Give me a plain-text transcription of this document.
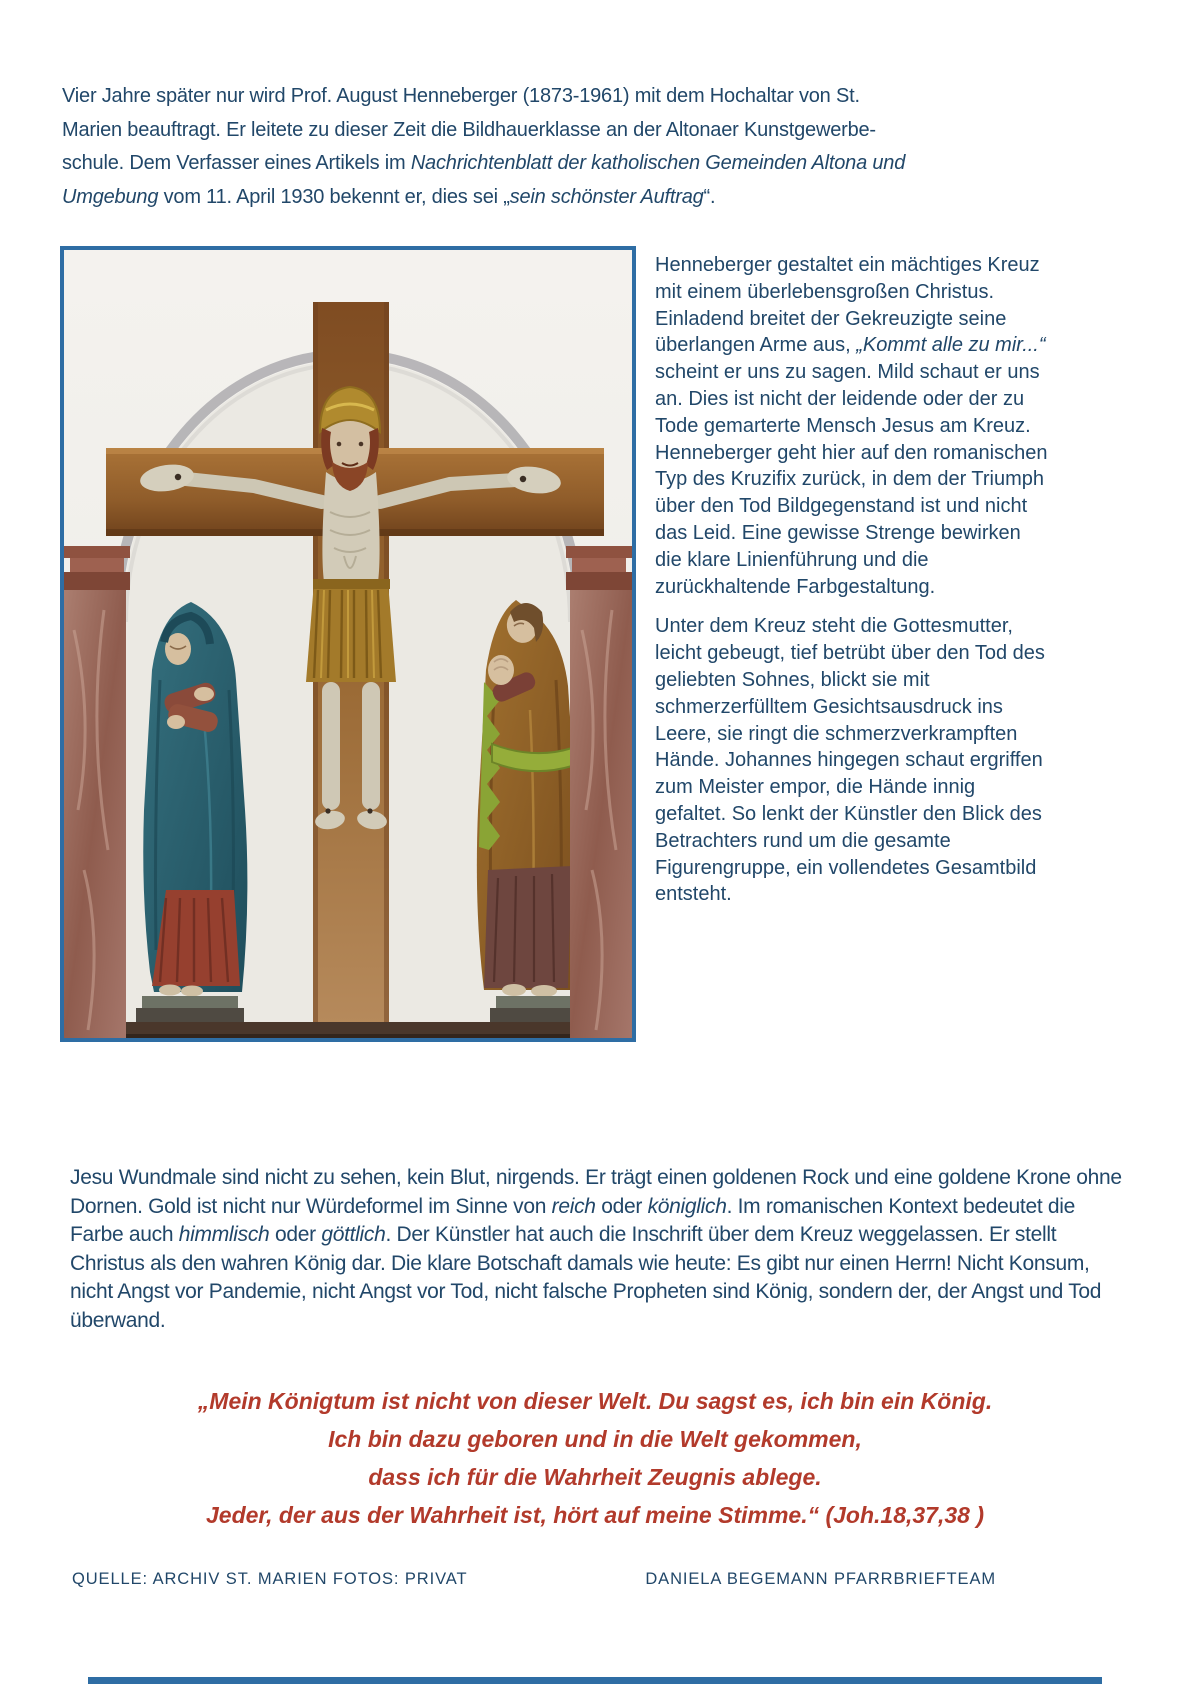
Vier Jahre später nur wird Prof. August Henneberger (1873-1961) mit dem Hochaltar von St.
Marien beauftragt. Er leitete zu dieser Zeit die Bildhauerklasse an der Altonaer Kunstgewerbe-
schule. Dem Verfasser eines Artikels im Nachrichtenblatt der katholischen Gemeinden Altona und
Umgebung vom 11. April 1930 bekennt er, dies sei „sein schönster Auftrag“.

Henneberger gestaltet ein mächtiges Kreuz mit einem überlebensgroßen Christus. Einladend breitet der Gekreuzigte seine überlangen Arme aus, „Kommt alle zu mir...“ scheint er uns zu sagen. Mild schaut er uns an. Dies ist nicht der leidende oder der zu Tode gemarterte Mensch Jesus am Kreuz. Henneberger geht hier auf den romanischen Typ des Kruzifix zurück, in dem der Triumph über den Tod Bildgegenstand ist und nicht das Leid. Eine gewisse Strenge bewirken die klare Linienführung und die zurückhaltende Farbgestaltung.

Unter dem Kreuz steht die Gottesmutter, leicht gebeugt, tief betrübt über den Tod des geliebten Sohnes, blickt sie mit schmerzerfülltem Gesichtsausdruck ins Leere, sie ringt die schmerzverkrampften Hände. Johannes hingegen schaut ergriffen zum Meister empor, die Hände innig gefaltet. So lenkt der Künstler den Blick des Betrachters rund um die gesamte Figurengruppe, ein vollendetes Gesamtbild entsteht.

Jesu Wundmale sind nicht zu sehen, kein Blut, nirgends. Er trägt einen goldenen Rock und eine goldene Krone ohne Dornen. Gold ist nicht nur Würdeformel im Sinne von reich oder königlich. Im romanischen Kontext bedeutet die Farbe auch himmlisch oder göttlich. Der Künstler hat auch die Inschrift über dem Kreuz weggelassen. Er stellt Christus als den wahren König dar. Die klare Botschaft damals wie heute: Es gibt nur einen Herrn! Nicht Konsum, nicht Angst vor Pandemie, nicht Angst vor Tod, nicht falsche Propheten sind König, sondern der, der Angst und Tod überwand.

„Mein Königtum ist nicht von dieser Welt. Du sagst es, ich bin ein König.
Ich bin dazu geboren und in die Welt gekommen,
dass ich für die Wahrheit Zeugnis ablege.
Jeder, der aus der Wahrheit ist, hört auf meine Stimme.“ (Joh.18,37,38 )
QUELLE: ARCHIV ST. MARIEN FOTOS: PRIVAT	DANIELA BEGEMANN PFARRBRIEFTEAM
